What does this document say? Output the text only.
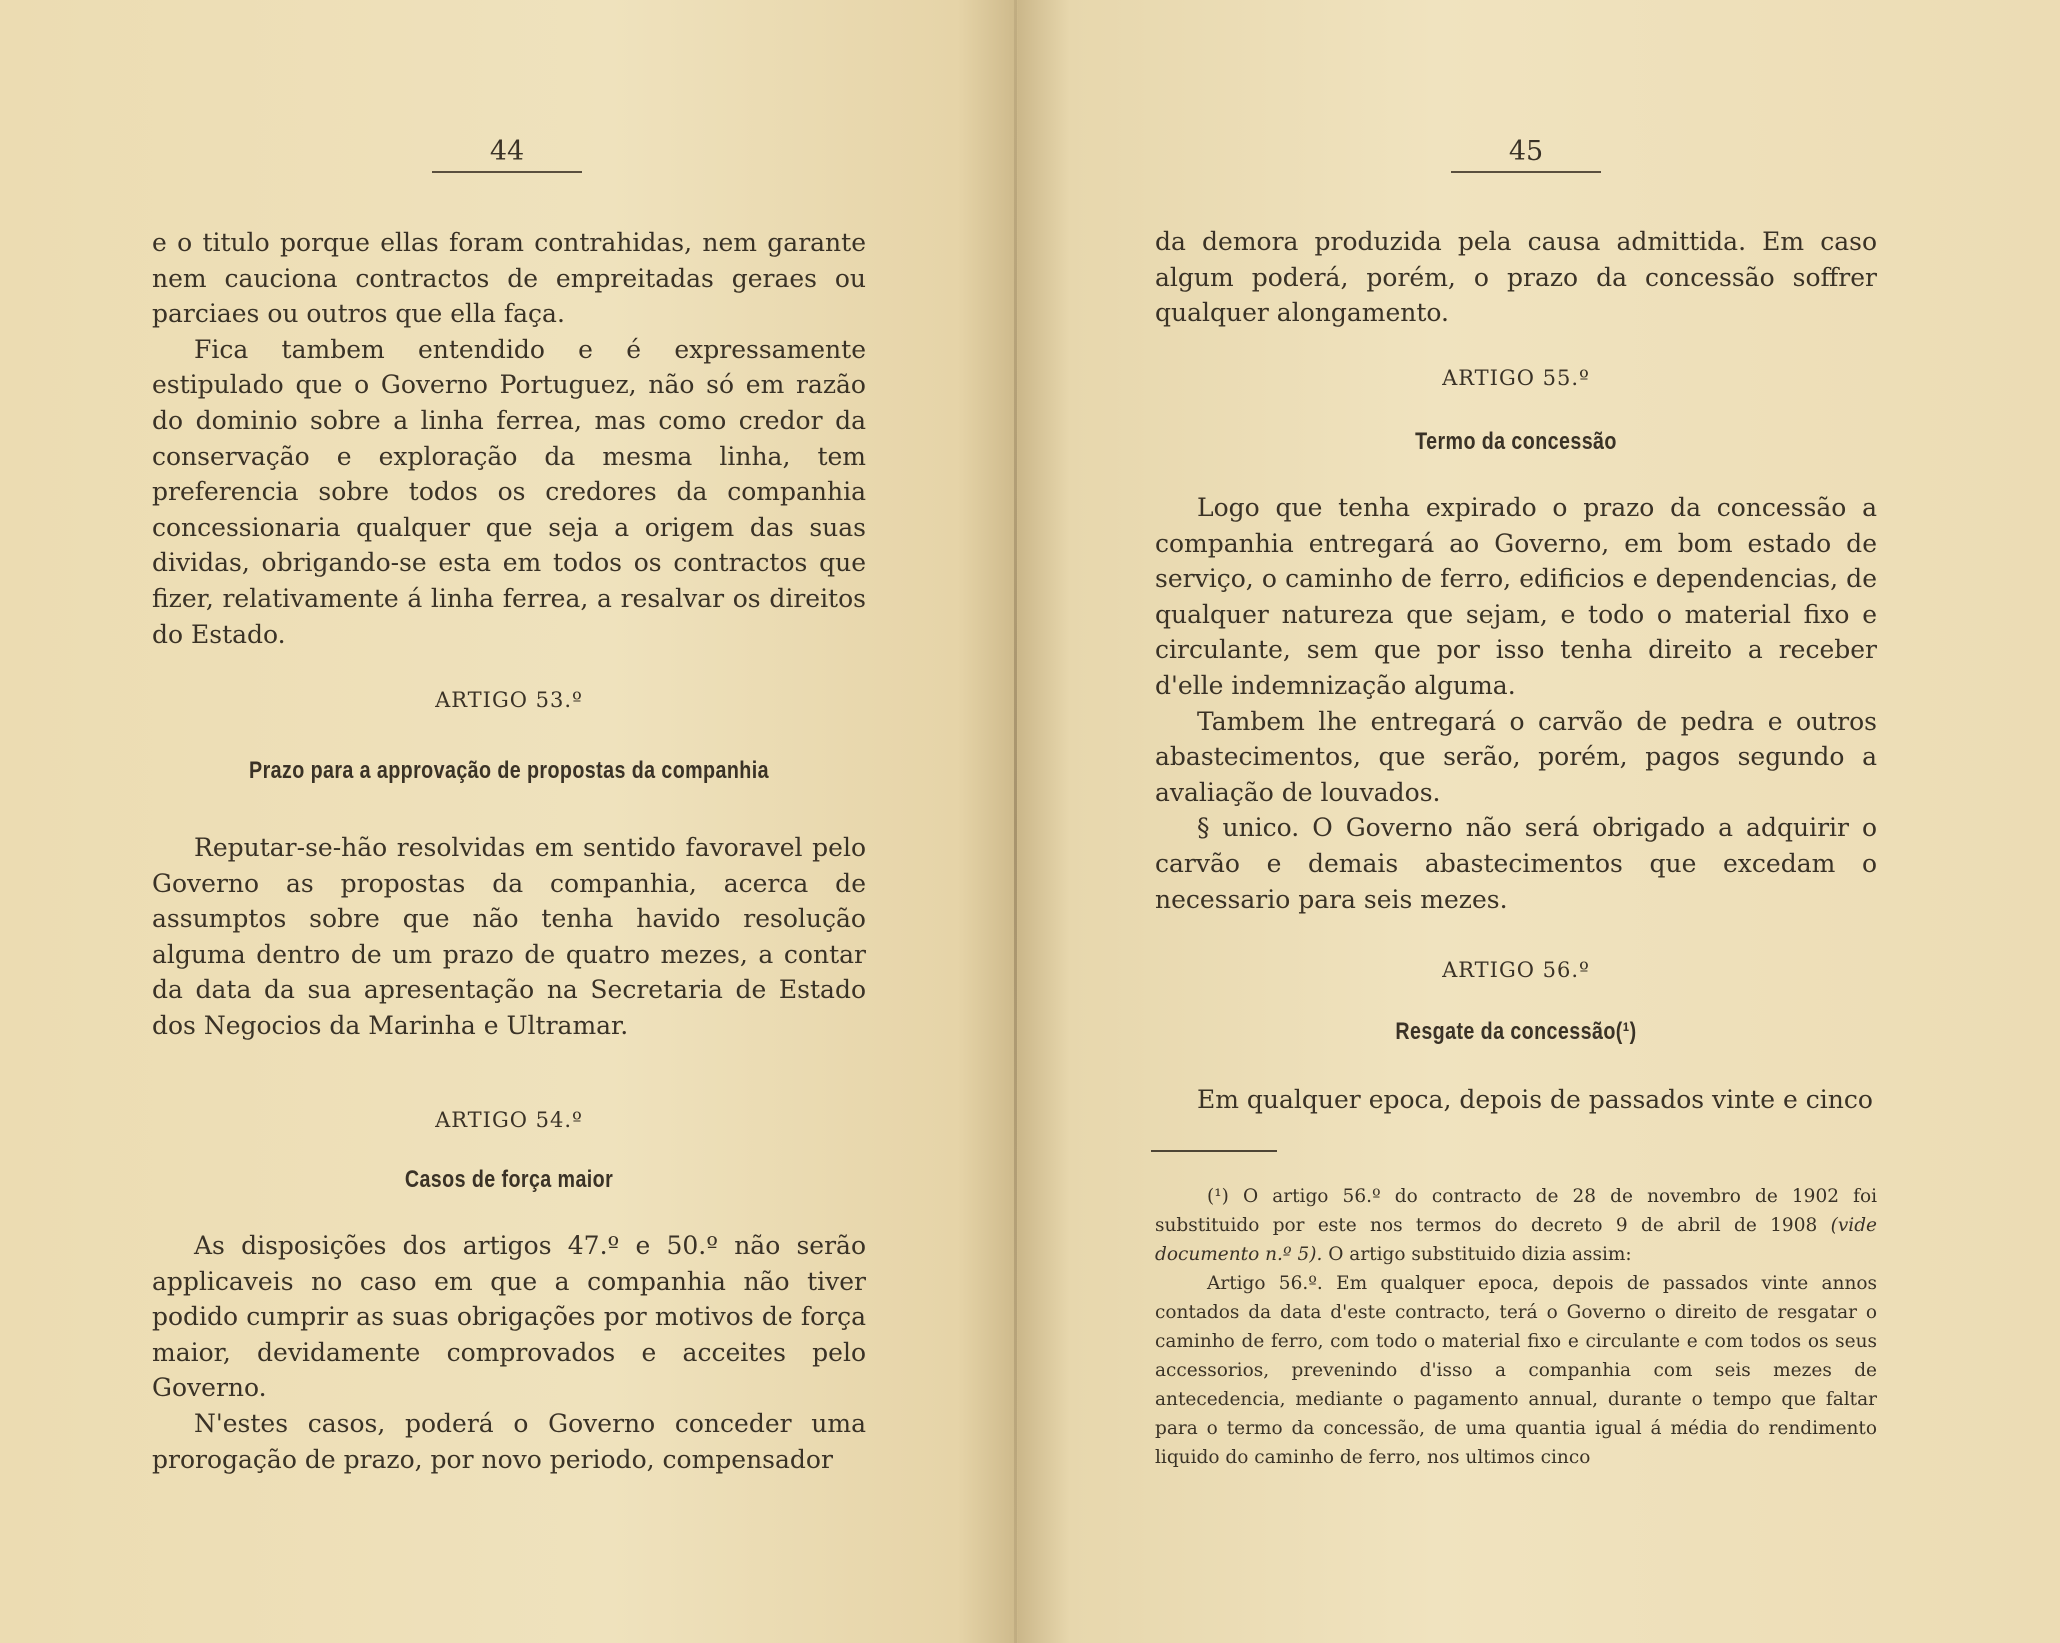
44

e o titulo porque ellas foram contrahidas, nem garante nem cauciona contractos de empreitadas geraes ou parciaes ou outros que ella faça.

Fica tambem entendido e é expressamente estipulado que o Governo Portuguez, não só em razão do dominio sobre a linha ferrea, mas como credor da conservação e exploração da mesma linha, tem preferencia sobre todos os credores da companhia concessionaria qualquer que seja a origem das suas dividas, obrigando-se esta em todos os contractos que fizer, relativamente á linha ferrea, a resalvar os direitos do Estado.

ARTIGO 53.º
Prazo para a approvação de propostas da companhia

Reputar-se-hão resolvidas em sentido favoravel pelo Governo as propostas da companhia, acerca de assumptos sobre que não tenha havido resolução alguma dentro de um prazo de quatro mezes, a contar da data da sua apresentação na Secretaria de Estado dos Negocios da Marinha e Ultramar.

ARTIGO 54.º
Casos de força maior

As disposições dos artigos 47.º e 50.º não serão applicaveis no caso em que a companhia não tiver podido cumprir as suas obrigações por motivos de força maior, devidamente comprovados e acceites pelo Governo.

N'estes casos, poderá o Governo conceder uma prorogação de prazo, por novo periodo, compensador

45

da demora produzida pela causa admittida. Em caso algum poderá, porém, o prazo da concessão soffrer qualquer alongamento.

ARTIGO 55.º
Termo da concessão

Logo que tenha expirado o prazo da concessão a companhia entregará ao Governo, em bom estado de serviço, o caminho de ferro, edificios e dependencias, de qualquer natureza que sejam, e todo o material fixo e circulante, sem que por isso tenha direito a receber d'elle indemnização alguma.

Tambem lhe entregará o carvão de pedra e outros abastecimentos, que serão, porém, pagos segundo a avaliação de louvados.

§ unico. O Governo não será obrigado a adquirir o carvão e demais abastecimentos que excedam o necessario para seis mezes.

ARTIGO 56.º
Resgate da concessão(¹)

Em qualquer epoca, depois de passados vinte e cinco

(¹) O artigo 56.º do contracto de 28 de novembro de 1902 foi substituido por este nos termos do decreto 9 de abril de 1908 (vide documento n.º 5). O artigo substituido dizia assim:

Artigo 56.º. Em qualquer epoca, depois de passados vinte annos contados da data d'este contracto, terá o Governo o direito de resgatar o caminho de ferro, com todo o material fixo e circulante e com todos os seus accessorios, prevenindo d'isso a companhia com seis mezes de antecedencia, mediante o pagamento annual, durante o tempo que faltar para o termo da concessão, de uma quantia igual á média do rendimento liquido do caminho de ferro, nos ultimos cinco
